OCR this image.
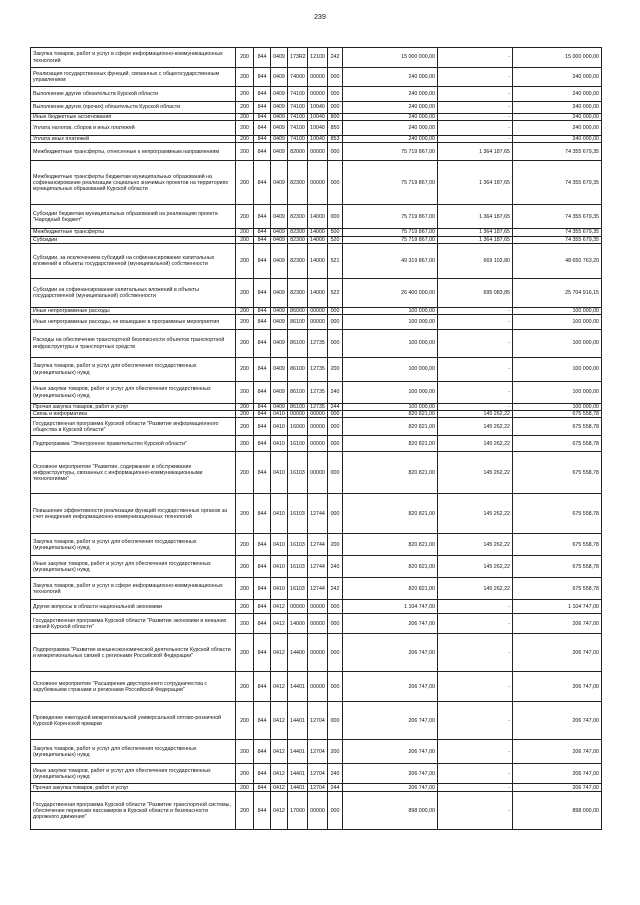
239
Закупка товаров, работ и услуг в сфере информационно-коммуникационных технологий	200	844	0409	173R2	12100	242	15 000 000,00	-	15 000 000,00
Реализация государственных функций, связанных с общегосударственным управлением	200	844	0409	74000	00000	000	240 000,00	-	240 000,00
Выполнение других обязательств Курской области	200	844	0409	74100	00000	000	240 000,00	-	240 000,00
Выполнение других (прочих) обязательств Курской области	200	844	0409	74100	10040	000	240 000,00	-	240 000,00
Иные бюджетные ассигнования	200	844	0409	74100	10040	800	240 000,00	-	240 000,00
Уплата налогов, сборов и иных платежей	200	844	0409	74100	10040	850	240 000,00	-	240 000,00
Уплата иных платежей	200	844	0409	74100	10040	853	240 000,00	-	240 000,00
Межбюджетные трансферты, отнесенные к непрограммным направлениям	200	844	0409	82000	00000	000	75 719 867,00	1 364 187,65	74 355 679,35
Межбюджетные трансферты бюджетам муниципальных образований на софинансирование реализации социально значимых проектов на территориях муниципальных образований Курской области	200	844	0409	82300	00000	000	75 719 867,00	1 364 187,65	74 355 679,35
Субсидии бюджетам муниципальных образований на реализацию проекта "Народный бюджет"	200	844	0409	82300	14000	000	75 719 867,00	1 364 187,65	74 355 679,35
Межбюджетные трансферты	200	844	0409	82300	14000	500	75 719 867,00	1 364 187,65	74 355 679,35
Субсидии	200	844	0409	82300	14000	520	75 719 867,00	1 364 187,65	74 355 679,35
Субсидии, за исключением субсидий на софинансирование капитальных вложений в объекты государственной (муниципальной) собственности	200	844	0409	82300	14000	521	49 319 867,00	669 103,80	48 650 763,20
Субсидии на софинансирование капитальных вложений в объекты государственной (муниципальной) собственности	200	844	0409	82300	14000	522	26 400 000,00	695 083,85	25 704 916,15
Иные непрограммные расходы	200	844	0409	86000	00000	000	100 000,00	-	100 000,00
Иные непрограммные расходы, не вошедшие в программные мероприятия	200	844	0409	86100	00000	000	100 000,00	-	100 000,00
Расходы на обеспечение транспортной безопасности объектов транспортной инфраструктуры и транспортных средств	200	844	0409	86100	12735	000	100 000,00	-	100 000,00
Закупка товаров, работ и услуг для обеспечения государственных (муниципальных) нужд	200	844	0409	86100	12735	200	100 000,00	-	100 000,00
Иные закупки товаров, работ и услуг для обеспечения государственных (муниципальных) нужд	200	844	0409	86100	12735	240	100 000,00	-	100 000,00
Прочая закупка товаров, работ и услуг	200	844	0409	86100	12735	244	100 000,00	-	100 000,00
Связь и информатика	200	844	0410	00000	00000	000	820 821,00	145 262,22	675 558,78
Государственная программа Курской области "Развитие информационного общества в Курской области"	200	844	0410	16000	00000	000	820 821,00	145 262,22	675 558,78
Подпрограмма "Электронное правительство Курской области"	200	844	0410	16100	00000	000	820 821,00	145 262,22	675 558,78
Основное мероприятие "Развитие, содержание и обслуживание инфраструктуры, связанных с информационно-коммуникационными технологиями"	200	844	0410	16103	00000	000	820 821,00	145 262,22	675 558,78
Повышение эффективности реализации функций государственных органов за счет внедрения информационно-коммуникационных технологий	200	844	0410	16103	12744	000	820 821,00	145 262,22	675 558,78
Закупка товаров, работ и услуг для обеспечения государственных (муниципальных) нужд	200	844	0410	16103	12744	200	820 821,00	145 262,22	675 558,78
Иные закупки товаров, работ и услуг для обеспечения государственных (муниципальных) нужд	200	844	0410	16103	12744	240	820 821,00	145 262,22	675 558,78
Закупка товаров, работ и услуг в сфере информационно-коммуникационных технологий	200	844	0410	16103	12744	242	820 821,00	145 262,22	675 558,78
Другие вопросы в области национальной экономики	200	844	0412	00000	00000	000	1 104 747,00	-	1 104 747,00
Государственная программа Курской области "Развитие экономики и внешних связей Курской области"	200	844	0412	14000	00000	000	206 747,00	-	206 747,00
Подпрограмма "Развитие внешнеэкономической деятельности Курской области и межрегиональных связей с регионами Российской Федерации"	200	844	0412	14400	00000	000	206 747,00	-	206 747,00
Основное мероприятие "Расширение двустороннего сотрудничества с зарубежными странами и регионами Российской Федерации"	200	844	0412	14401	00000	000	206 747,00	-	206 747,00
Проведение ежегодной межрегиональной универсальной оптово-розничной Курской Коренской ярмарки	200	844	0412	14401	12704	000	206 747,00	-	206 747,00
Закупка товаров, работ и услуг для обеспечения государственных (муниципальных) нужд	200	844	0412	14401	12704	200	206 747,00	-	206 747,00
Иные закупки товаров, работ и услуг для обеспечения государственных (муниципальных) нужд	200	844	0412	14401	12704	240	206 747,00	-	206 747,00
Прочая закупка товаров, работ и услуг	200	844	0412	14401	12704	244	206 747,00	-	206 747,00
Государственная программа Курской области "Развитие транспортной системы, обеспечение перевозки пассажиров в Курской области и безопасности дорожного движения"	200	844	0412	17000	00000	000	898 000,00	-	898 000,00
